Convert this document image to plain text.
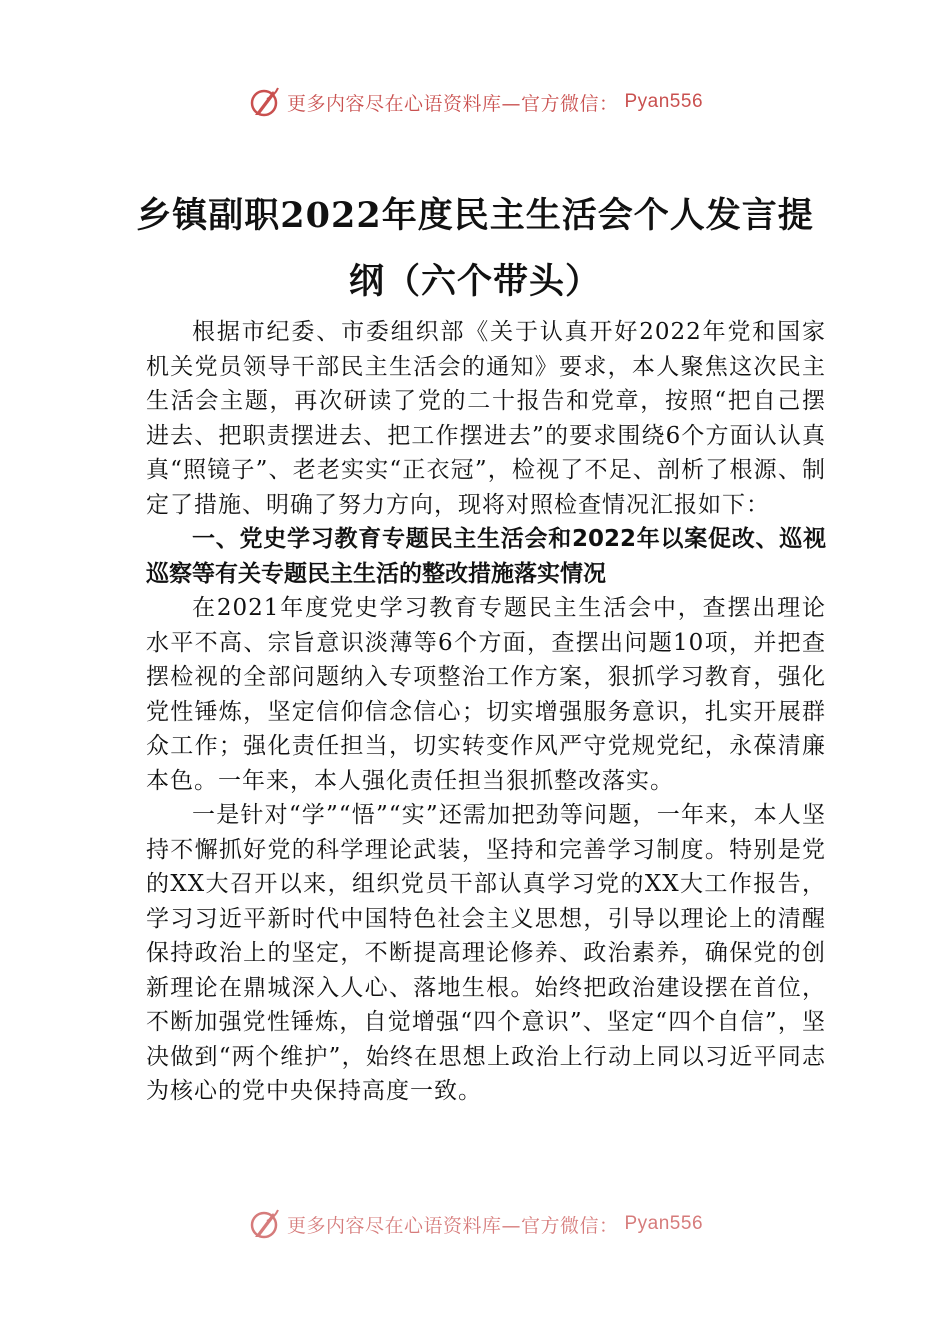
更多内容尽在心语资料库—官方微信： Pyan556
乡镇副职2022年度民主生活会个人发言提
纲（六个带头）

根据市纪委、市委组织部《关于认真开好2022年党和国家机关党员领导干部民主生活会的通知》要求，本人聚焦这次民主生活会主题，再次研读了党的二十报告和党章，按照“把自己摆进去、把职责摆进去、把工作摆进去”的要求围绕6个方面认认真真“照镜子”、老老实实“正衣冠”，检视了不足、剖析了根源、制定了措施、明确了努力方向，现将对照检查情况汇报如下：

一、党史学习教育专题民主生活会和2022年以案促改、巡视巡察等有关专题民主生活的整改措施落实情况

在2021年度党史学习教育专题民主生活会中，查摆出理论水平不高、宗旨意识淡薄等6个方面，查摆出问题10项，并把查摆检视的全部问题纳入专项整治工作方案，狠抓学习教育，强化党性锤炼，坚定信仰信念信心；切实增强服务意识，扎实开展群众工作；强化责任担当，切实转变作风严守党规党纪，永葆清廉本色。一年来，本人强化责任担当狠抓整改落实。

一是针对“学”“悟”“实”还需加把劲等问题，一年来，本人坚持不懈抓好党的科学理论武装，坚持和完善学习制度。特别是党的XX大召开以来，组织党员干部认真学习党的XX大工作报告，学习习近平新时代中国特色社会主义思想，引导以理论上的清醒保持政治上的坚定，不断提高理论修养、政治素养，确保党的创新理论在鼎城深入人心、落地生根。始终把政治建设摆在首位，不断加强党性锤炼，自觉增强“四个意识”、坚定“四个自信”，坚决做到“两个维护”，始终在思想上政治上行动上同以习近平同志为核心的党中央保持高度一致。

更多内容尽在心语资料库—官方微信： Pyan556
